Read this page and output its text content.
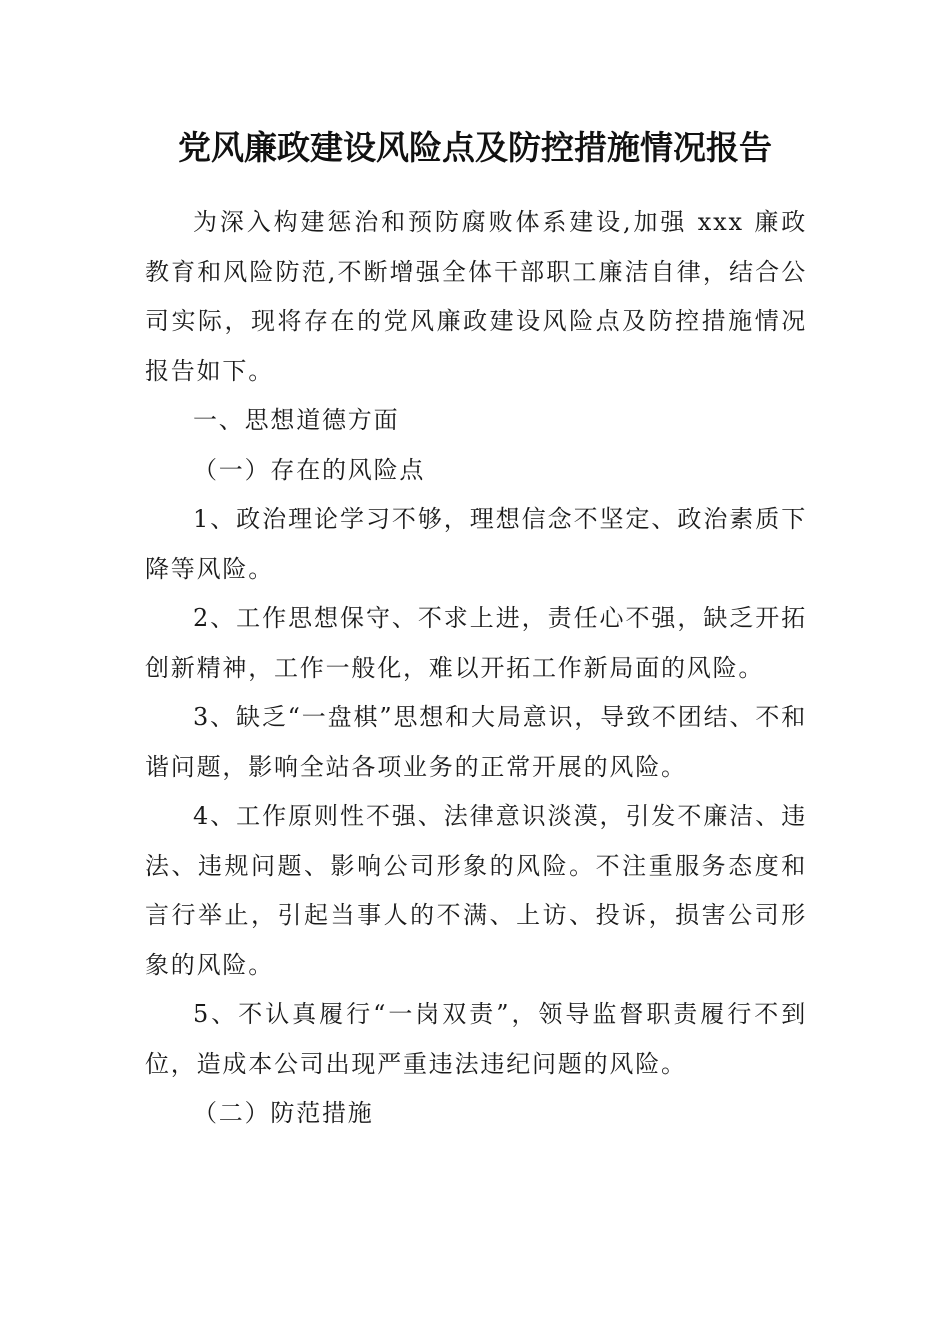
党风廉政建设风险点及防控措施情况报告

为深入构建惩治和预防腐败体系建设,加强 xxx 廉政教育和风险防范,不断增强全体干部职工廉洁自律，结合公司实际，现将存在的党风廉政建设风险点及防控措施情况报告如下。

一、思想道德方面

（一）存在的风险点

1、政治理论学习不够，理想信念不坚定、政治素质下降等风险。

2、工作思想保守、不求上进，责任心不强，缺乏开拓创新精神，工作一般化，难以开拓工作新局面的风险。

3、缺乏“一盘棋”思想和大局意识，导致不团结、不和谐问题，影响全站各项业务的正常开展的风险。

4、工作原则性不强、法律意识淡漠，引发不廉洁、违法、违规问题、影响公司形象的风险。不注重服务态度和言行举止，引起当事人的不满、上访、投诉，损害公司形象的风险。

5、不认真履行“一岗双责”，领导监督职责履行不到位，造成本公司出现严重违法违纪问题的风险。

（二）防范措施
